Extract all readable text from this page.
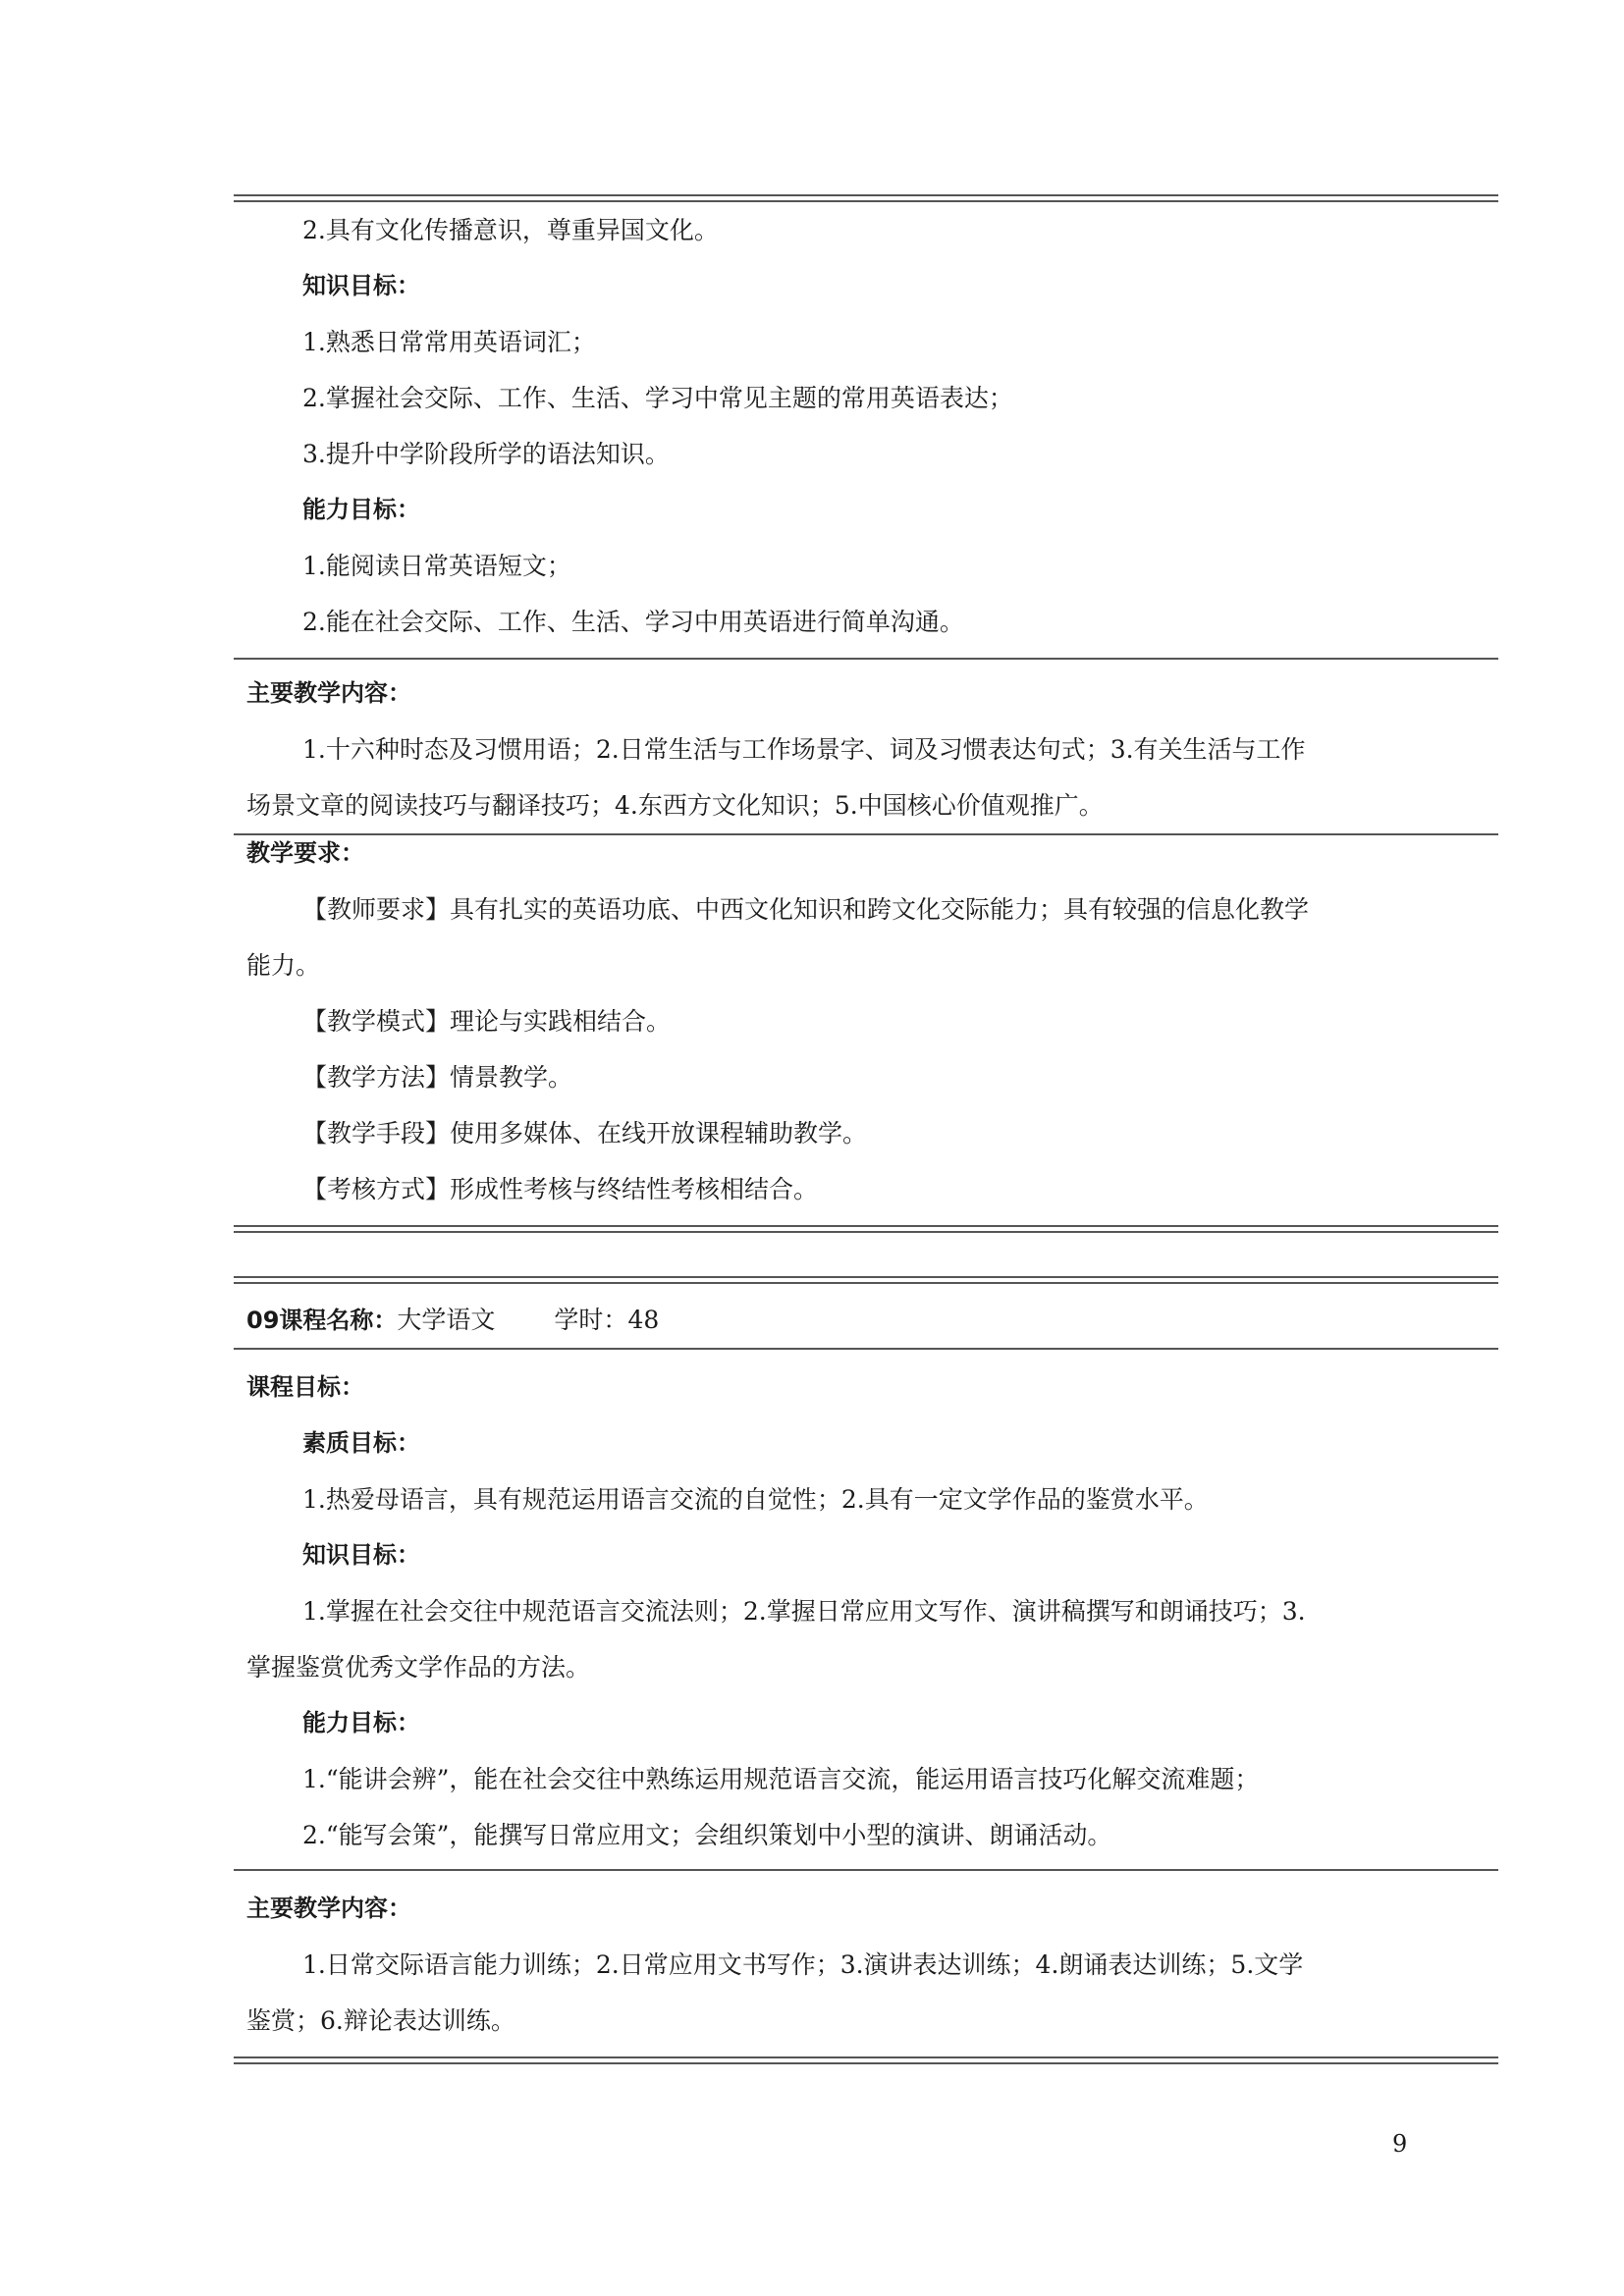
2.具有文化传播意识，尊重异国文化。
知识目标：
1.熟悉日常常用英语词汇；
2.掌握社会交际、工作、生活、学习中常见主题的常用英语表达；
3.提升中学阶段所学的语法知识。
能力目标：
1.能阅读日常英语短文；
2.能在社会交际、工作、生活、学习中用英语进行简单沟通。
主要教学内容：
1.十六种时态及习惯用语；2.日常生活与工作场景字、词及习惯表达句式；3.有关生活与工作
场景文章的阅读技巧与翻译技巧；4.东西方文化知识；5.中国核心价值观推广。
教学要求：
【教师要求】具有扎实的英语功底、中西文化知识和跨文化交际能力；具有较强的信息化教学
能力。
【教学模式】理论与实践相结合。
【教学方法】情景教学。
【教学手段】使用多媒体、在线开放课程辅助教学。
【考核方式】形成性考核与终结性考核相结合。
09课程名称：大学语文 学时：48
课程目标：
素质目标：
1.热爱母语言，具有规范运用语言交流的自觉性；2.具有一定文学作品的鉴赏水平。
知识目标：
1.掌握在社会交往中规范语言交流法则；2.掌握日常应用文写作、演讲稿撰写和朗诵技巧；3.
掌握鉴赏优秀文学作品的方法。
能力目标：
1.“能讲会辨”，能在社会交往中熟练运用规范语言交流，能运用语言技巧化解交流难题；
2.“能写会策”，能撰写日常应用文；会组织策划中小型的演讲、朗诵活动。
主要教学内容：
1.日常交际语言能力训练；2.日常应用文书写作；3.演讲表达训练；4.朗诵表达训练；5.文学
鉴赏；6.辩论表达训练。
9
